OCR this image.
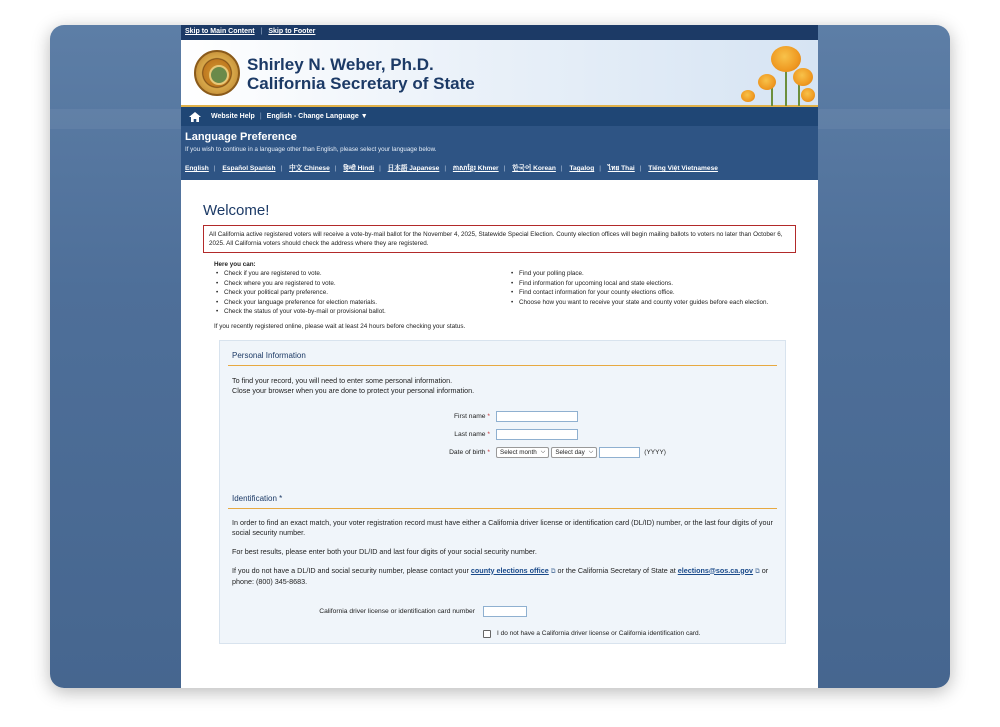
Skip to Main Content | Skip to Footer
Shirley N. Weber, Ph.D.
California Secretary of State
Website Help | English - Change Language ▼
Language Preference
If you wish to continue in a language other than English, please select your language below.
English | Español Spanish | 中文 Chinese | हिन्दी Hindi | 日本語 Japanese | ភាសាខ្មែរ Khmer | 한국어 Korean | Tagalog | ไทย Thai | Tiếng Việt Vietnamese
Welcome!
All California active registered voters will receive a vote-by-mail ballot for the November 4, 2025, Statewide Special Election. County election offices will begin mailing ballots to voters no later than October 6, 2025. All California voters should check the address where they are registered.
Here you can:
• Check if you are registered to vote.
• Check where you are registered to vote.
• Check your political party preference.
• Check your language preference for election materials.
• Check the status of your vote-by-mail or provisional ballot.
• Find your polling place.
• Find information for upcoming local and state elections.
• Find contact information for your county elections office.
• Choose how you want to receive your state and county voter guides before each election.
If you recently registered online, please wait at least 24 hours before checking your status.
Personal Information
To find your record, you will need to enter some personal information.
Close your browser when you are done to protect your personal information.
First name *
Last name *
Date of birth *	Select month ⌵ Select day ⌵	(YYYY)
Identification *
In order to find an exact match, your voter registration record must have either a California driver license or identification card (DL/ID) number, or the last four digits of your social security number.
For best results, please enter both your DL/ID and last four digits of your social security number.
If you do not have a DL/ID and social security number, please contact your county elections office ⧉ or the California Secretary of State at elections@sos.ca.gov ⧉ or phone: (800) 345-8683.
California driver license or identification card number
I do not have a California driver license or California identification card.
